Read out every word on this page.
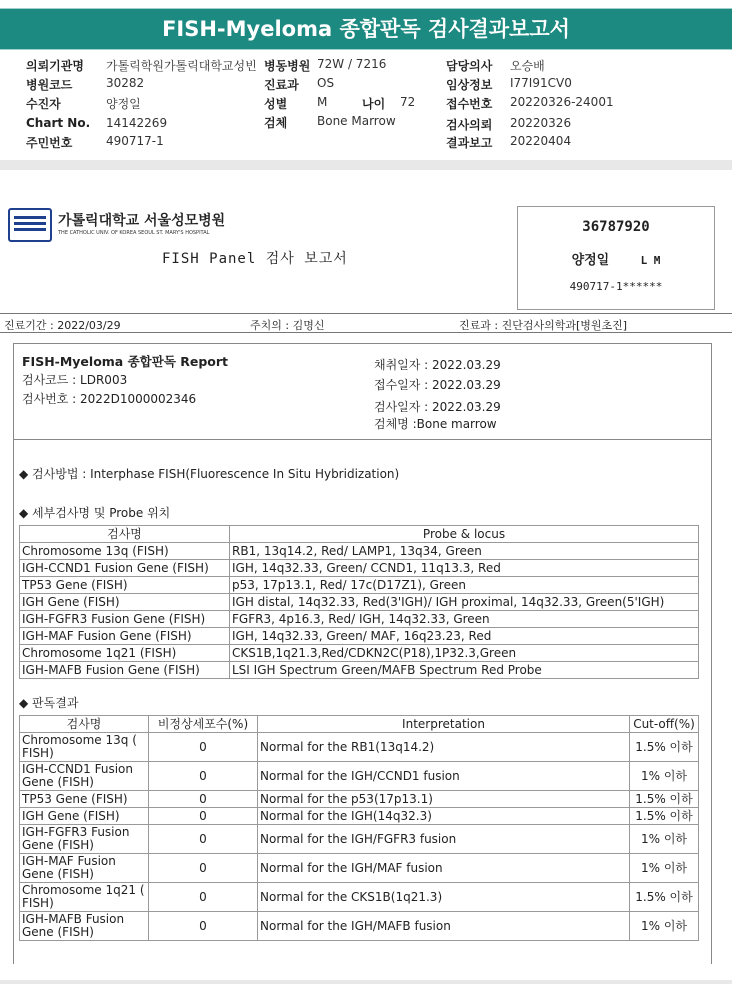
FISH-Myeloma 종합판독 검사결과보고서
의뢰기관명 가톨릭학원가톨릭대학교성빈 병동병원 72W / 7216	담당의사 오승배
병원코드	30282	진료과 OS	임상정보 I77I91CV0
수진자	양정일	성별 M	나이 72	접수번호 20220326-24001
Chart No. 14142269	검체 Bone Marrow	검사의뢰 20220326
주민번호	490717-1	결과보고 20220404
가톨릭대학교 서울성모병원
THE CATHOLIC UNIV. OF KOREA SEOUL ST. MARY'S HOSPITAL
FISH Panel 검사 보고서
36787920
양정일	L M
490717-1******
진료기간 : 2022/03/29	주치의 : 김명신	진료과 : 진단검사의학과[병원초진]
FISH-Myeloma 종합판독 Report
검사코드 : LDR003
검사번호 : 2022D1000002346
채취일자 : 2022.03.29
접수일자 : 2022.03.29
검사일자 : 2022.03.29
검체명 :Bone marrow
◆ 검사방법 : Interphase FISH(Fluorescence In Situ Hybridization)
◆ 세부검사명 및 Probe 위치
검사명	Probe & locus
Chromosome 13q (FISH)	RB1, 13q14.2, Red/ LAMP1, 13q34, Green
IGH-CCND1 Fusion Gene (FISH)	IGH, 14q32.33, Green/ CCND1, 11q13.3, Red
TP53 Gene (FISH)	p53, 17p13.1, Red/ 17c(D17Z1), Green
IGH Gene (FISH)	IGH distal, 14q32.33, Red(3'IGH)/ IGH proximal, 14q32.33, Green(5'IGH)
IGH-FGFR3 Fusion Gene (FISH)	FGFR3, 4p16.3, Red/ IGH, 14q32.33, Green
IGH-MAF Fusion Gene (FISH)	IGH, 14q32.33, Green/ MAF, 16q23.23, Red
Chromosome 1q21 (FISH)	CKS1B,1q21.3,Red/CDKN2C(P18),1P32.3,Green
IGH-MAFB Fusion Gene (FISH)	LSI IGH Spectrum Green/MAFB Spectrum Red Probe
◆ 판독결과
검사명	비정상세포수(%)	Interpretation	Cut-off(%)
Chromosome 13q ( FISH)	0	Normal for the RB1(13q14.2)	1.5% 이하
IGH-CCND1 Fusion Gene (FISH)	0	Normal for the IGH/CCND1 fusion	1% 이하
TP53 Gene (FISH)	0	Normal for the p53(17p13.1)	1.5% 이하
IGH Gene (FISH)	0	Normal for the IGH(14q32.3)	1.5% 이하
IGH-FGFR3 Fusion Gene (FISH)	0	Normal for the IGH/FGFR3 fusion	1% 이하
IGH-MAF Fusion Gene (FISH)	0	Normal for the IGH/MAF fusion	1% 이하
Chromosome 1q21 ( FISH)	0	Normal for the CKS1B(1q21.3)	1.5% 이하
IGH-MAFB Fusion Gene (FISH)	0	Normal for the IGH/MAFB fusion	1% 이하
